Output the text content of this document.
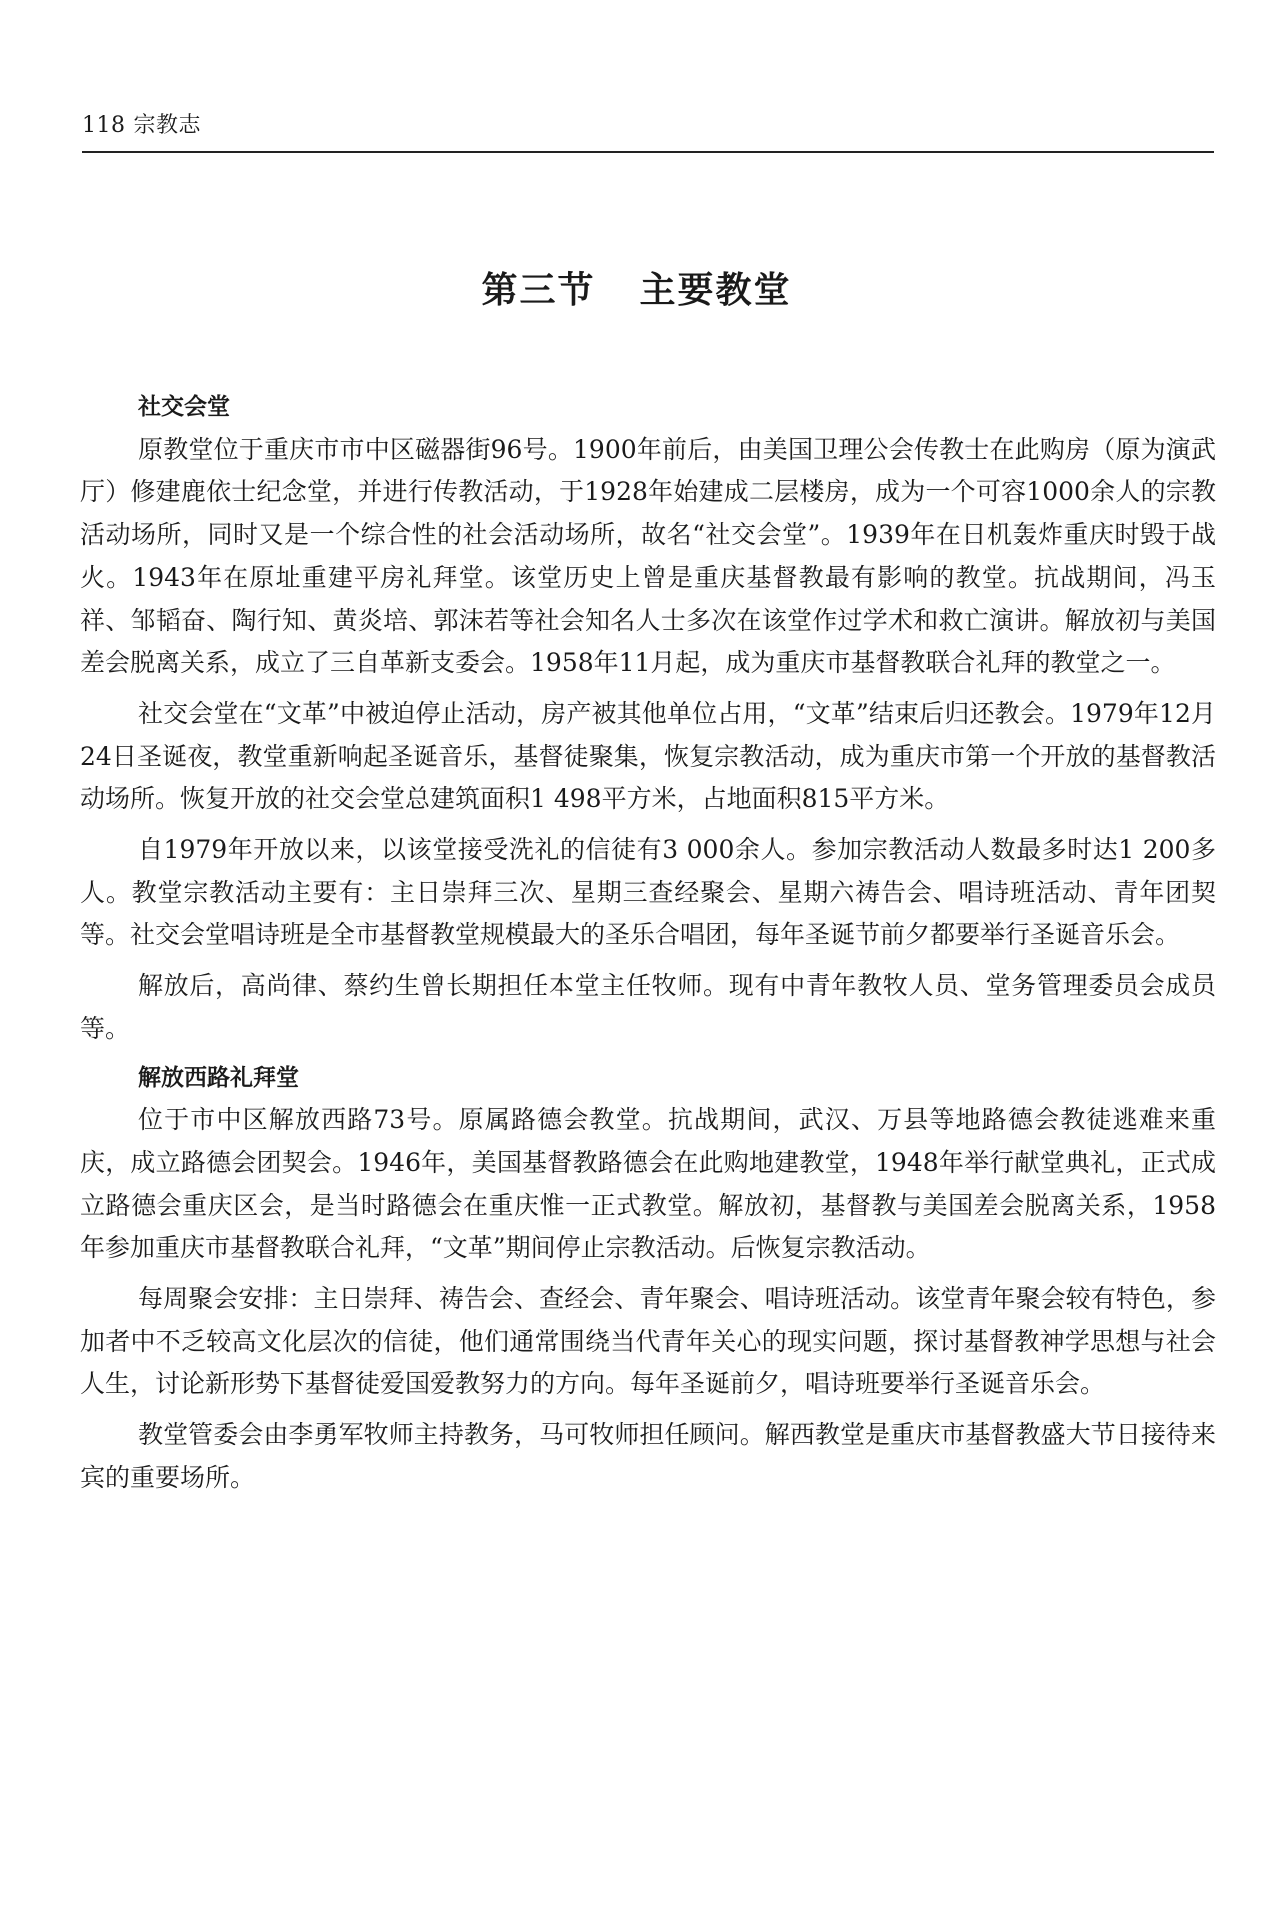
118 宗教志
第三节 主要教堂
社交会堂

原教堂位于重庆市市中区磁器街96号。1900年前后，由美国卫理公会传教士在此购房（原为演武厅）修建鹿依士纪念堂，并进行传教活动，于1928年始建成二层楼房，成为一个可容1000余人的宗教活动场所，同时又是一个综合性的社会活动场所，故名“社交会堂”。1939年在日机轰炸重庆时毁于战火。1943年在原址重建平房礼拜堂。该堂历史上曾是重庆基督教最有影响的教堂。抗战期间，冯玉祥、邹韬奋、陶行知、黄炎培、郭沫若等社会知名人士多次在该堂作过学术和救亡演讲。解放初与美国差会脱离关系，成立了三自革新支委会。1958年11月起，成为重庆市基督教联合礼拜的教堂之一。

社交会堂在“文革”中被迫停止活动，房产被其他单位占用，“文革”结束后归还教会。1979年12月24日圣诞夜，教堂重新响起圣诞音乐，基督徒聚集，恢复宗教活动，成为重庆市第一个开放的基督教活动场所。恢复开放的社交会堂总建筑面积1 498平方米，占地面积815平方米。

自1979年开放以来，以该堂接受洗礼的信徒有3 000余人。参加宗教活动人数最多时达1 200多人。教堂宗教活动主要有：主日崇拜三次、星期三查经聚会、星期六祷告会、唱诗班活动、青年团契等。社交会堂唱诗班是全市基督教堂规模最大的圣乐合唱团，每年圣诞节前夕都要举行圣诞音乐会。

解放后，高尚律、蔡约生曾长期担任本堂主任牧师。现有中青年教牧人员、堂务管理委员会成员等。

解放西路礼拜堂

位于市中区解放西路73号。原属路德会教堂。抗战期间，武汉、万县等地路德会教徒逃难来重庆，成立路德会团契会。1946年，美国基督教路德会在此购地建教堂，1948年举行献堂典礼，正式成立路德会重庆区会，是当时路德会在重庆惟一正式教堂。解放初，基督教与美国差会脱离关系，1958年参加重庆市基督教联合礼拜，“文革”期间停止宗教活动。后恢复宗教活动。

每周聚会安排：主日崇拜、祷告会、查经会、青年聚会、唱诗班活动。该堂青年聚会较有特色，参加者中不乏较高文化层次的信徒，他们通常围绕当代青年关心的现实问题，探讨基督教神学思想与社会人生，讨论新形势下基督徒爱国爱教努力的方向。每年圣诞前夕，唱诗班要举行圣诞音乐会。

教堂管委会由李勇军牧师主持教务，马可牧师担任顾问。解西教堂是重庆市基督教盛大节日接待来宾的重要场所。
